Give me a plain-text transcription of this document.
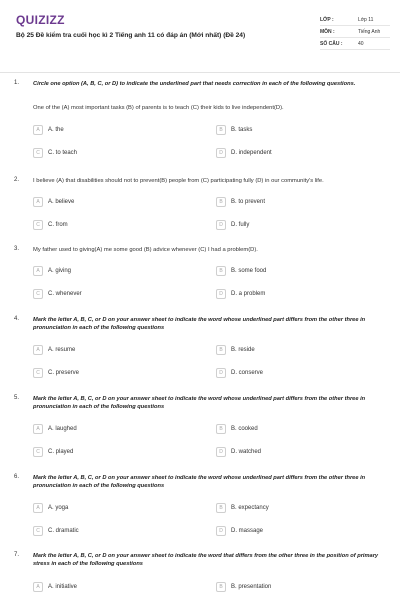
QUIZIZZ
Bộ 25 Đề kiểm tra cuối học kì 2 Tiếng anh 11 có đáp án (Mới nhất) (Đề 24)
LỚP :	Lớp 11
MÔN :	Tiếng Anh
SỐ CÂU :	40
1. Circle one option (A, B, C, or D) to indicate the underlined part that needs correction in each of the following questions.
One of the (A) most important tasks (B) of parents is to teach (C) their kids to live independent(D).
A	A. the	B	B. tasks
C	C. to teach	D	D. independent
2. I believe (A) that disabilities should not to prevent(B) people from (C) participating fully (D) in our community's life.
A	A. believe	B	B. to prevent
C	C. from	D	D. fully
3. My father used to giving(A) me some good (B) advice whenever (C) I had a problem(D).
A	A. giving	B	B. some food
C	C. whenever	D	D. a problem
4. Mark the letter A, B, C, or D on your answer sheet to indicate the word whose underlined part differs from the other three in pronunciation in each of the following questions
A	A. resume	B	B. reside
C	C. preserve	D	D. conserve
5. Mark the letter A, B, C, or D on your answer sheet to indicate the word whose underlined part differs from the other three in pronunciation in each of the following questions
A	A. laughed	B	B. cooked
C	C. played	D	D. watched
6. Mark the letter A, B, C, or D on your answer sheet to indicate the word whose underlined part differs from the other three in pronunciation in each of the following questions
A	A. yoga	B	B. expectancy
C	C. dramatic	D	D. massage
7. Mark the letter A, B, C, or D on your answer sheet to indicate the word that differs from the other three in the position of primary stress in each of the following questions
A	A. initiative	B	B. presentation
